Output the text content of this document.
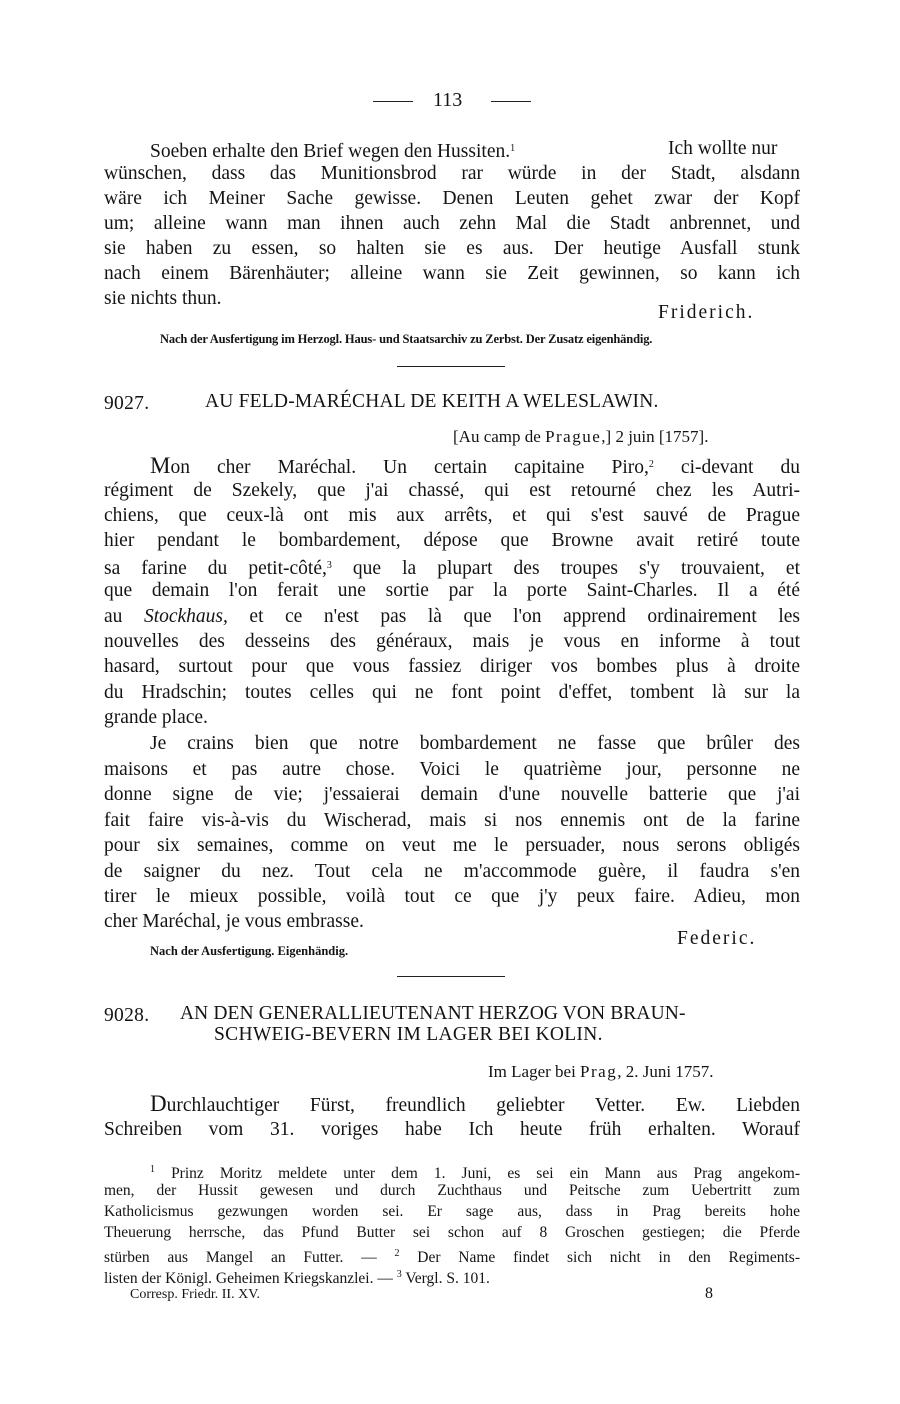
113
Soeben erhalte den Brief wegen den Hussiten.$^1$	Ich wollte nur
wünschen, dass das Munitionsbrod rar würde in der Stadt, alsdann
wäre ich Meiner Sache gewisse. Denen Leuten gehet zwar der Kopf
um; alleine wann man ihnen auch zehn Mal die Stadt anbrennet, und
sie haben zu essen, so halten sie es aus. Der heutige Ausfall stunk
nach einem Bärenhäuter; alleine wann sie Zeit gewinnen, so kann ich
sie nichts thun.
Friderich.
Nach der Ausfertigung im Herzogl. Haus- und Staatsarchiv zu Zerbst. Der Zusatz eigenhändig.
9027.	AU FELD-MARÉCHAL DE KEITH A WELESLAWIN.
[Au camp de Prague,] 2 juin [1757].
Mon cher Maréchal. Un certain capitaine Piro,$^2$ ci-devant du
régiment de Szekely, que j'ai chassé, qui est retourné chez les Autri-
chiens, que ceux-là ont mis aux arrêts, et qui s'est sauvé de Prague
hier pendant le bombardement, dépose que Browne avait retiré toute
sa farine du petit-côté,$^3$ que la plupart des troupes s'y trouvaient, et
que demain l'on ferait une sortie par la porte Saint-Charles. Il a été
au Stockhaus, et ce n'est pas là que l'on apprend ordinairement les
nouvelles des desseins des généraux, mais je vous en informe à tout
hasard, surtout pour que vous fassiez diriger vos bombes plus à droite
du Hradschin; toutes celles qui ne font point d'effet, tombent là sur la
grande place.
Je crains bien que notre bombardement ne fasse que brûler des
maisons et pas autre chose. Voici le quatrième jour, personne ne
donne signe de vie; j'essaierai demain d'une nouvelle batterie que j'ai
fait faire vis-à-vis du Wischerad, mais si nos ennemis ont de la farine
pour six semaines, comme on veut me le persuader, nous serons obligés
de saigner du nez. Tout cela ne m'accommode guère, il faudra s'en
tirer le mieux possible, voilà tout ce que j'y peux faire. Adieu, mon
cher Maréchal, je vous embrasse.
Federic.
Nach der Ausfertigung. Eigenhändig.
9028. AN DEN GENERALLIEUTENANT HERZOG VON BRAUN-
SCHWEIG-BEVERN IM LAGER BEI KOLIN.
Im Lager bei Prag, 2. Juni 1757.
Durchlauchtiger Fürst, freundlich geliebter Vetter. Ew. Liebden
Schreiben vom 31. voriges habe Ich heute früh erhalten. Worauf
$^1$ Prinz Moritz meldete unter dem 1. Juni, es sei ein Mann aus Prag angekom-
men, der Hussit gewesen und durch Zuchthaus und Peitsche zum Uebertritt zum
Katholicismus gezwungen worden sei. Er sage aus, dass in Prag bereits hohe
Theuerung herrsche, das Pfund Butter sei schon auf 8 Groschen gestiegen; die Pferde
stürben aus Mangel an Futter. — $^2$ Der Name findet sich nicht in den Regiments-
listen der Königl. Geheimen Kriegskanzlei. — $^3$ Vergl. S. 101.
Corresp. Friedr. II. XV.	8
